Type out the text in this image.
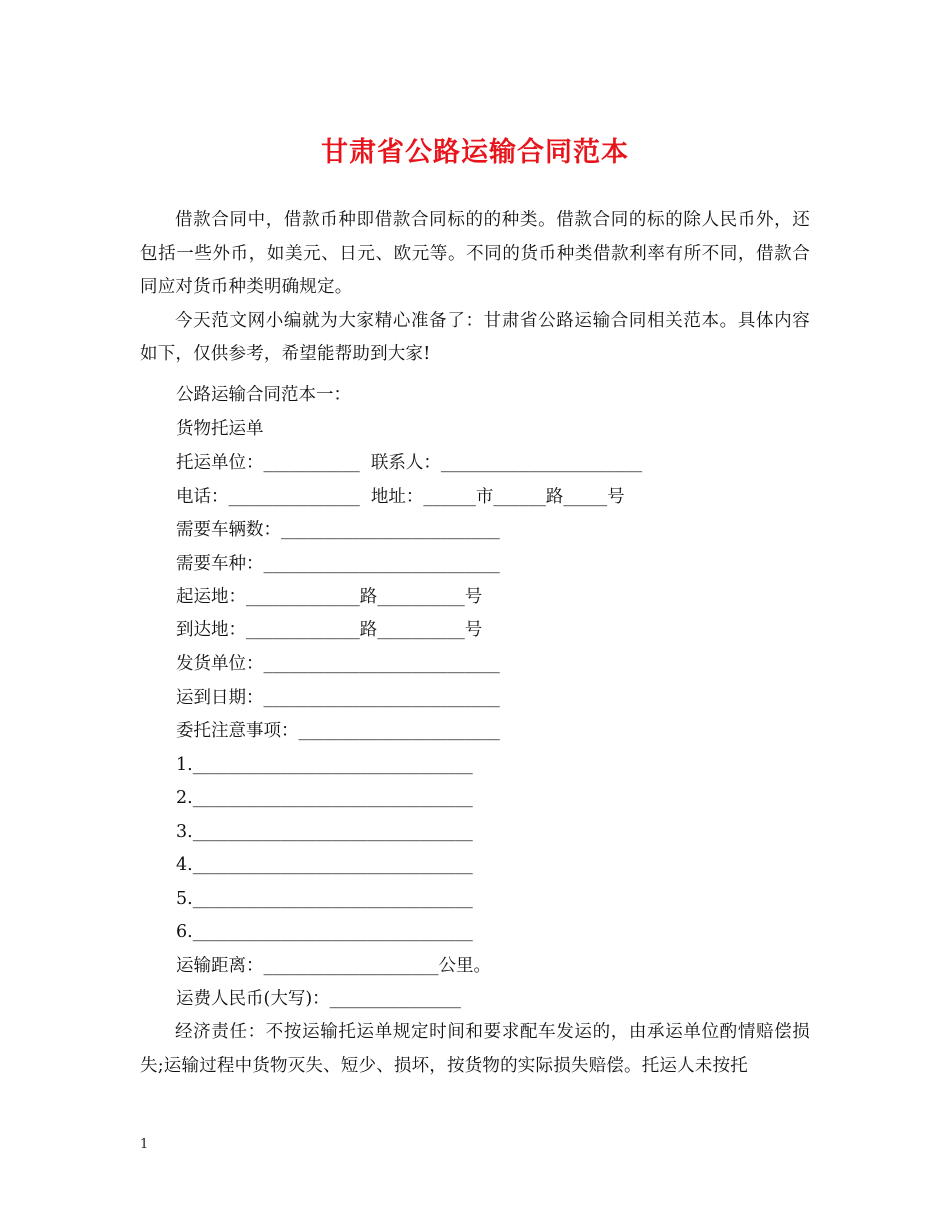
甘肃省公路运输合同范本

借款合同中，借款币种即借款合同标的的种类。借款合同的标的除人民币外，还包括一些外币，如美元、日元、欧元等。不同的货币种类借款利率有所不同，借款合同应对货币种类明确规定。

今天范文网小编就为大家精心准备了：甘肃省公路运输合同相关范本。具体内容如下，仅供参考，希望能帮助到大家!

公路运输合同范本一：
货物托运单
托运单位：___________  联系人：_______________________
电话：_______________  地址：______市______路_____号
需要车辆数：_________________________
需要车种：___________________________
起运地：_____________路__________号
到达地：_____________路__________号
发货单位：___________________________
运到日期：___________________________
委托注意事项：_______________________
1.________________________________
2.________________________________
3.________________________________
4.________________________________
5.________________________________
6.________________________________
运输距离：____________________公里。
运费人民币(大写)：_______________

经济责任：不按运输托运单规定时间和要求配车发运的，由承运单位酌情赔偿损失;运输过程中货物灭失、短少、损坏，按货物的实际损失赔偿。托运人未按托

1
